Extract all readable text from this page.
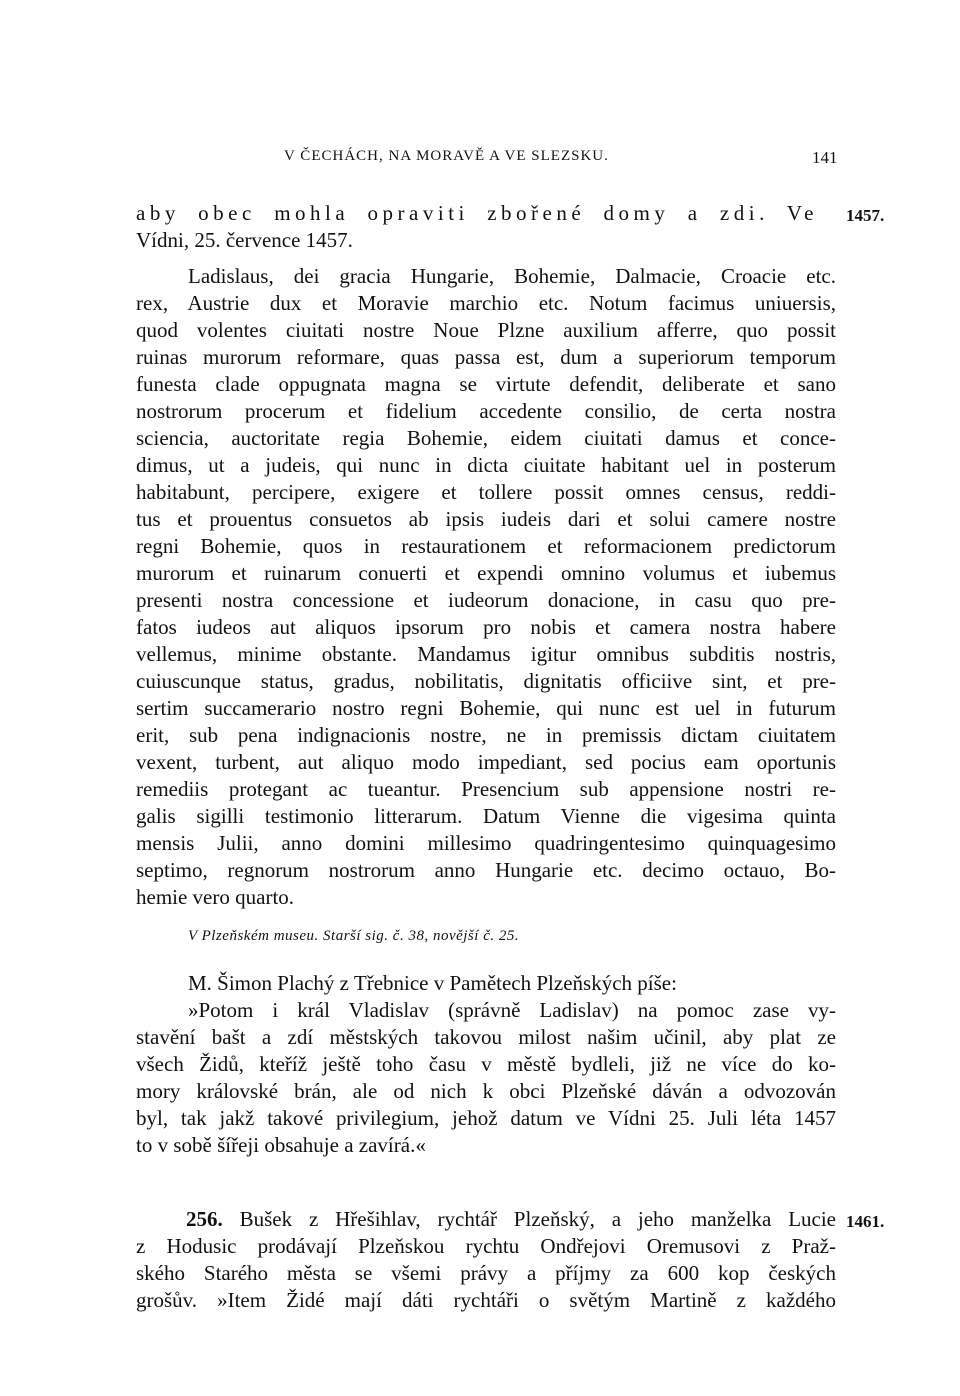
V ČECHÁCH, NA MORAVĚ A VE SLEZSKU.	141
aby obec mohla opraviti zbořené domy a zdi. Ve 1457.
Vídni, 25. července 1457.
Ladislaus, dei gracia Hungarie, Bohemie, Dalmacie, Croacie etc.
rex, Austrie dux et Moravie marchio etc. Notum facimus uniuersis,
quod volentes ciuitati nostre Noue Plzne auxilium afferre, quo possit
ruinas murorum reformare, quas passa est, dum a superiorum temporum
funesta clade oppugnata magna se virtute defendit, deliberate et sano
nostrorum procerum et fidelium accedente consilio, de certa nostra
sciencia, auctoritate regia Bohemie, eidem ciuitati damus et conce-
dimus, ut a judeis, qui nunc in dicta ciuitate habitant uel in posterum
habitabunt, percipere, exigere et tollere possit omnes census, reddi-
tus et prouentus consuetos ab ipsis iudeis dari et solui camere nostre
regni Bohemie, quos in restaurationem et reformacionem predictorum
murorum et ruinarum conuerti et expendi omnino volumus et iubemus
presenti nostra concessione et iudeorum donacione, in casu quo pre-
fatos iudeos aut aliquos ipsorum pro nobis et camera nostra habere
vellemus, minime obstante. Mandamus igitur omnibus subditis nostris,
cuiuscunque status, gradus, nobilitatis, dignitatis officiive sint, et pre-
sertim succamerario nostro regni Bohemie, qui nunc est uel in futurum
erit, sub pena indignacionis nostre, ne in premissis dictam ciuitatem
vexent, turbent, aut aliquo modo impediant, sed pocius eam oportunis
remediis protegant ac tueantur. Presencium sub appensione nostri re-
galis sigilli testimonio litterarum. Datum Vienne die vigesima quinta
mensis Julii, anno domini millesimo quadringentesimo quinquagesimo
septimo, regnorum nostrorum anno Hungarie etc. decimo octauo, Bo-
hemie vero quarto.
V Plzeňském museu. Starší sig. č. 38, novější č. 25.
M. Šimon Plachý z Třebnice v Pamětech Plzeňských píše:
»Potom i král Vladislav (správně Ladislav) na pomoc zase vy-
stavění bašt a zdí městských takovou milost našim učinil, aby plat ze
všech Židů, kteříž ještě toho času v městě bydleli, již ne více do ko-
mory královské brán, ale od nich k obci Plzeňské dáván a odvozován
byl, tak jakž takové privilegium, jehož datum ve Vídni 25. Juli léta 1457
to v sobě šířeji obsahuje a zavírá.«
256. Bušek z Hřešihlav, rychtář Plzeňský, a jeho manželka Lucie 1461.
z Hodusic prodávají Plzeňskou rychtu Ondřejovi Oremusovi z Praž-
ského Starého města se všemi právy a příjmy za 600 kop českých
grošův. »Item Židé mají dáti rychtáři o světým Martině z každého
